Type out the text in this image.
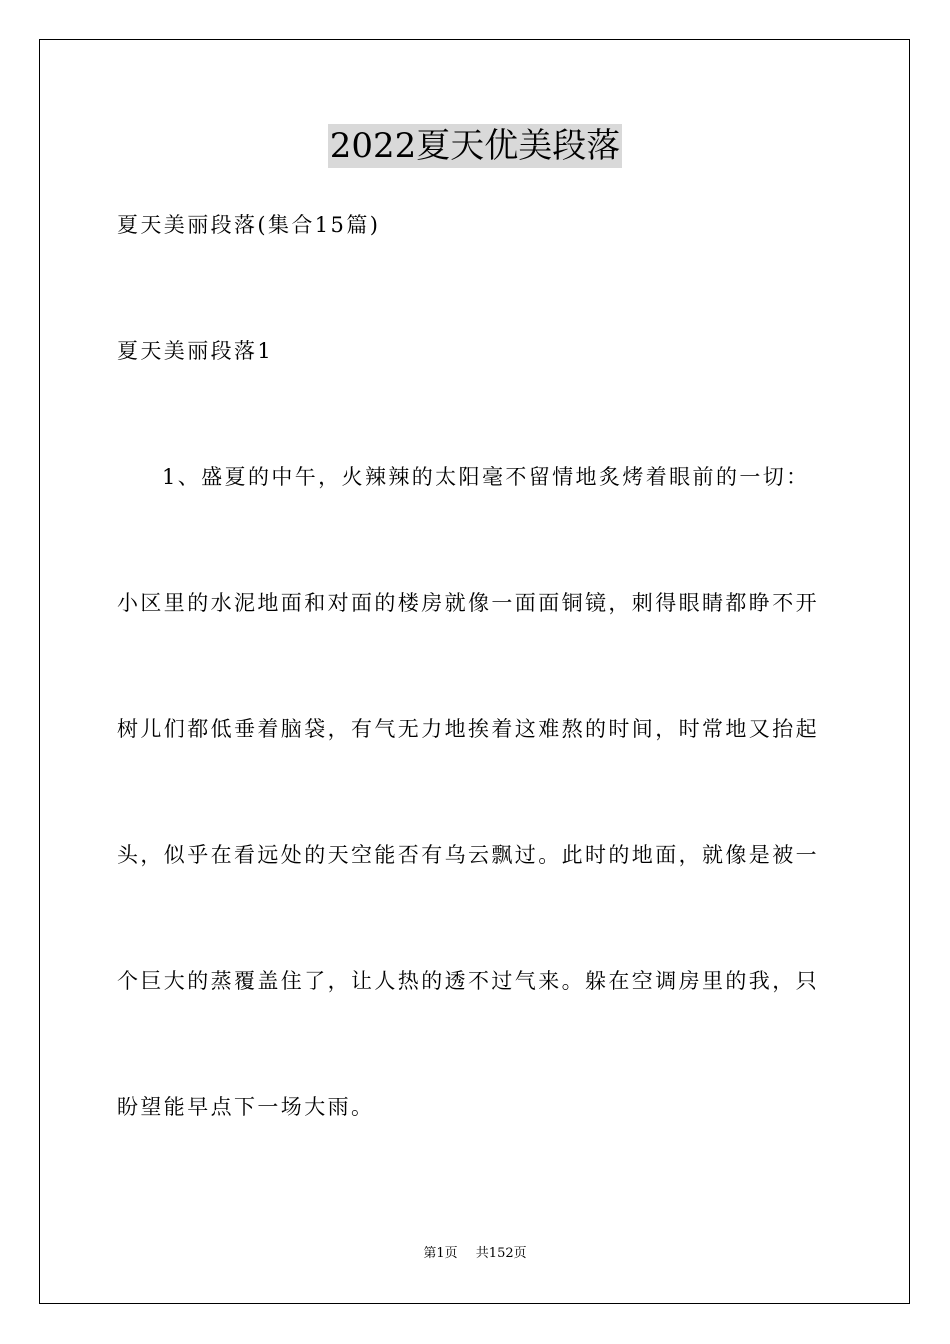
2022夏天优美段落
夏天美丽段落(集合15篇)
夏天美丽段落1
1、盛夏的中午，火辣辣的太阳毫不留情地炙烤着眼前的一切：
小区里的水泥地面和对面的楼房就像一面面铜镜，刺得眼睛都睁不开
树儿们都低垂着脑袋，有气无力地挨着这难熬的时间，时常地又抬起
头，似乎在看远处的天空能否有乌云飘过。此时的地面，就像是被一
个巨大的蒸覆盖住了，让人热的透不过气来。躲在空调房里的我，只
盼望能早点下一场大雨。
第1页 共152页
